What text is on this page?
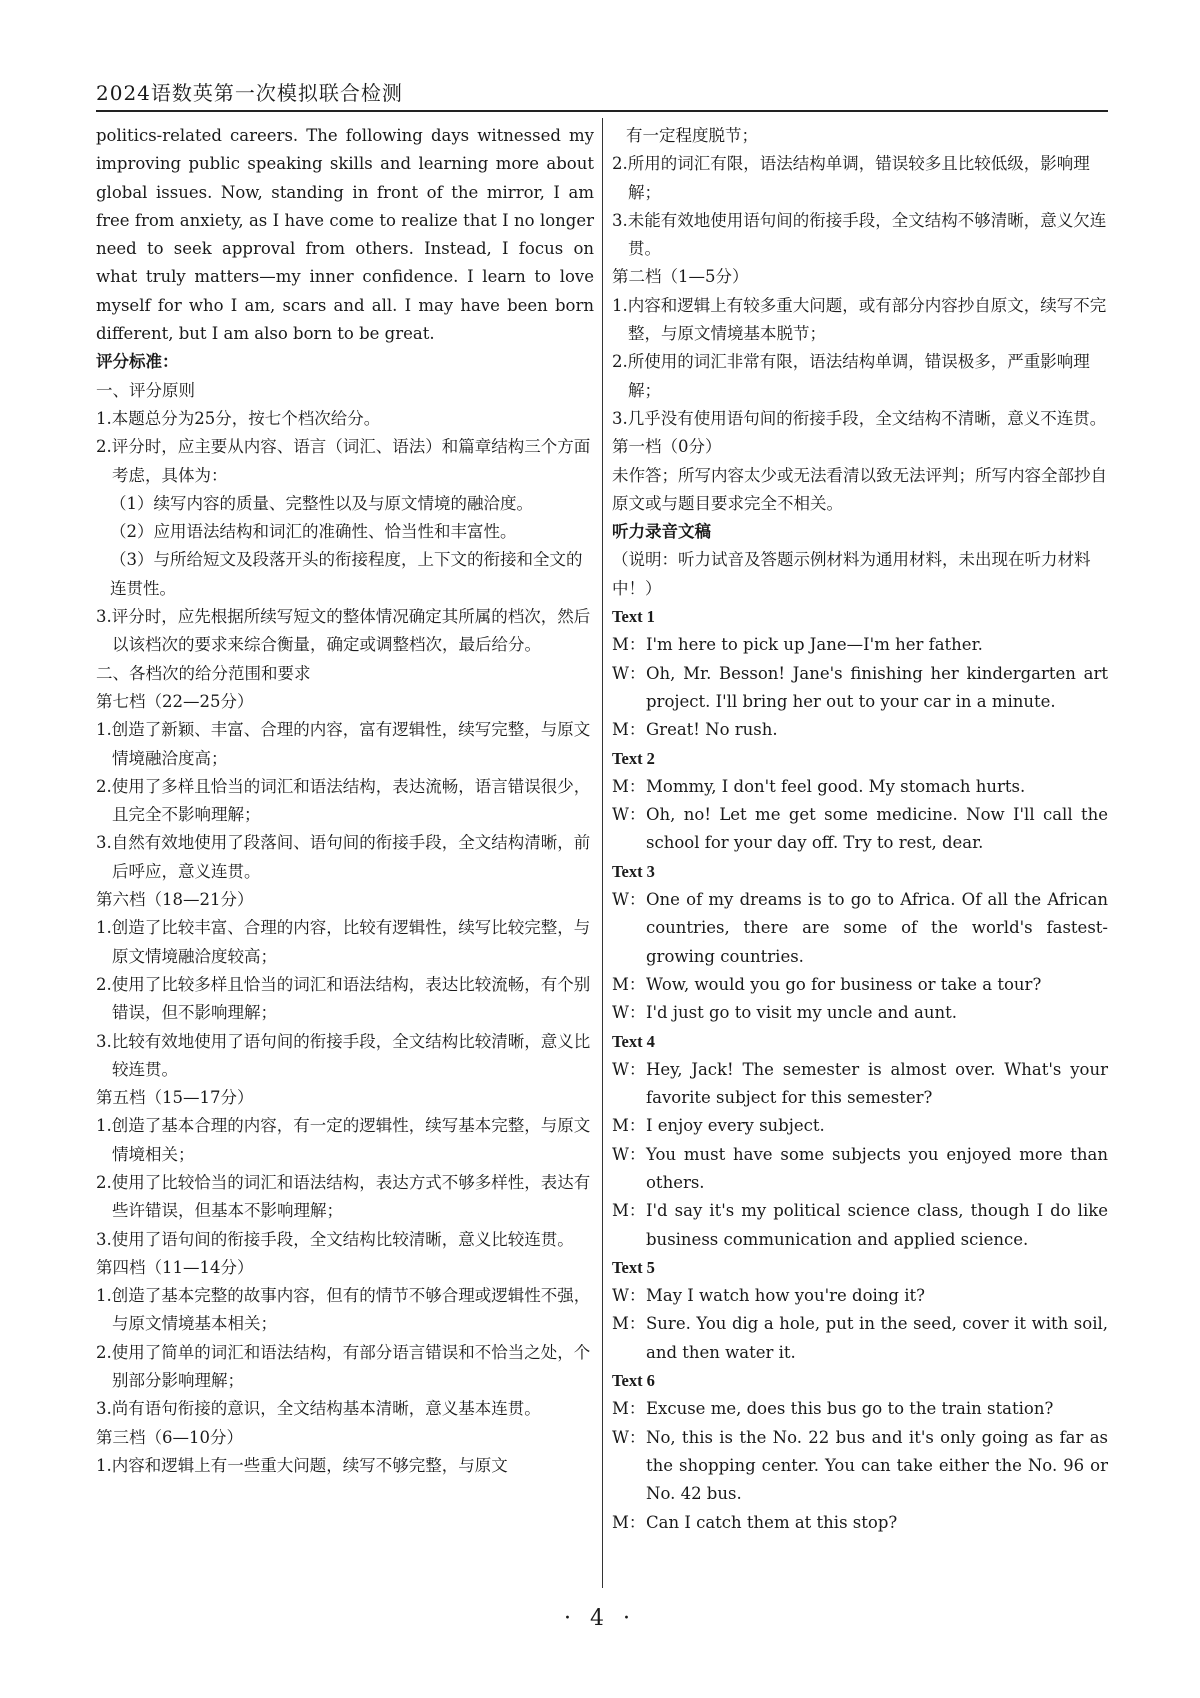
2024语数英第一次模拟联合检测

politics-related careers. The following days witnessed my improving public speaking skills and learning more about global issues. Now, standing in front of the mirror, I am free from anxiety, as I have come to realize that I no longer need to seek approval from others. Instead, I focus on what truly matters—my inner confidence. I learn to love myself for who I am, scars and all. I may have been born different, but I am also born to be great.

评分标准：

一、评分原则

1.本题总分为25分，按七个档次给分。

2.评分时，应主要从内容、语言（词汇、语法）和篇章结构三个方面考虑，具体为：

（1）续写内容的质量、完整性以及与原文情境的融洽度。

（2）应用语法结构和词汇的准确性、恰当性和丰富性。

（3）与所给短文及段落开头的衔接程度，上下文的衔接和全文的连贯性。

3.评分时，应先根据所续写短文的整体情况确定其所属的档次，然后以该档次的要求来综合衡量，确定或调整档次，最后给分。

二、各档次的给分范围和要求

第七档（22—25分）

1.创造了新颖、丰富、合理的内容，富有逻辑性，续写完整，与原文情境融洽度高；

2.使用了多样且恰当的词汇和语法结构，表达流畅，语言错误很少，且完全不影响理解；

3.自然有效地使用了段落间、语句间的衔接手段，全文结构清晰，前后呼应，意义连贯。

第六档（18—21分）

1.创造了比较丰富、合理的内容，比较有逻辑性，续写比较完整，与原文情境融洽度较高；

2.使用了比较多样且恰当的词汇和语法结构，表达比较流畅，有个别错误，但不影响理解；

3.比较有效地使用了语句间的衔接手段，全文结构比较清晰，意义比较连贯。

第五档（15—17分）

1.创造了基本合理的内容，有一定的逻辑性，续写基本完整，与原文情境相关；

2.使用了比较恰当的词汇和语法结构，表达方式不够多样性，表达有些许错误，但基本不影响理解；

3.使用了语句间的衔接手段，全文结构比较清晰，意义比较连贯。

第四档（11—14分）

1.创造了基本完整的故事内容，但有的情节不够合理或逻辑性不强，与原文情境基本相关；

2.使用了简单的词汇和语法结构，有部分语言错误和不恰当之处，个别部分影响理解；

3.尚有语句衔接的意识，全文结构基本清晰，意义基本连贯。

第三档（6—10分）

1.内容和逻辑上有一些重大问题，续写不够完整，与原文

有一定程度脱节；

2.所用的词汇有限，语法结构单调，错误较多且比较低级，影响理解；

3.未能有效地使用语句间的衔接手段，全文结构不够清晰，意义欠连贯。

第二档（1—5分）

1.内容和逻辑上有较多重大问题，或有部分内容抄自原文，续写不完整，与原文情境基本脱节；

2.所使用的词汇非常有限，语法结构单调，错误极多，严重影响理解；

3.几乎没有使用语句间的衔接手段，全文结构不清晰，意义不连贯。

第一档（0分）

未作答；所写内容太少或无法看清以致无法评判；所写内容全部抄自原文或与题目要求完全不相关。

听力录音文稿

（说明：听力试音及答题示例材料为通用材料，未出现在听力材料中！）

Text 1

M： I'm here to pick up Jane—I'm her father.
W： Oh, Mr. Besson! Jane's finishing her kindergarten art project. I'll bring her out to your car in a minute.
M： Great! No rush.

Text 2

M： Mommy, I don't feel good. My stomach hurts.
W： Oh, no! Let me get some medicine. Now I'll call the school for your day off. Try to rest, dear.

Text 3

W： One of my dreams is to go to Africa. Of all the African countries, there are some of the world's fastest-growing countries.
M： Wow, would you go for business or take a tour?
W： I'd just go to visit my uncle and aunt.

Text 4

W： Hey, Jack! The semester is almost over. What's your favorite subject for this semester?
M： I enjoy every subject.
W： You must have some subjects you enjoyed more than others.
M： I'd say it's my political science class, though I do like business communication and applied science.

Text 5

W： May I watch how you're doing it?
M： Sure. You dig a hole, put in the seed, cover it with soil, and then water it.

Text 6

M： Excuse me, does this bus go to the train station?
W： No, this is the No. 22 bus and it's only going as far as the shopping center. You can take either the No. 96 or No. 42 bus.
M： Can I catch them at this stop?
· 4 ·
